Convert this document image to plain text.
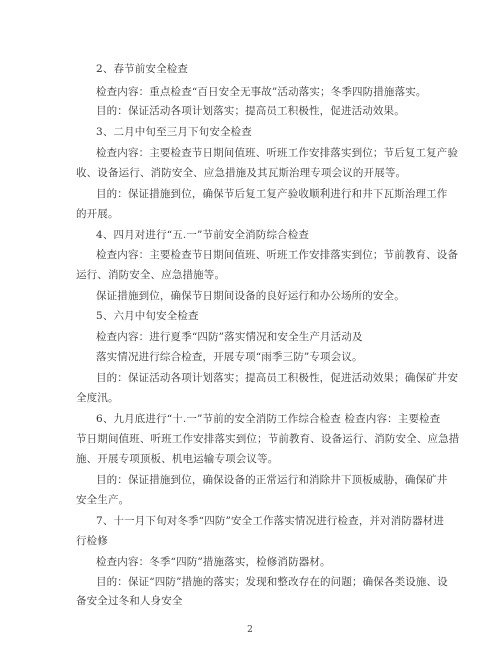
2、春节前安全检查

检查内容：重点检查“百日安全无事故”活动落实；冬季四防措施落实。

目的：保证活动各项计划落实；提高员工积极性，促进活动效果。

3、二月中旬至三月下旬安全检查

检查内容：主要检查节日期间值班、听班工作安排落实到位；节后复工复产验

收、设备运行、消防安全、应急措施及其瓦斯治理专项会议的开展等。

目的：保证措施到位，确保节后复工复产验收顺利进行和井下瓦斯治理工作

的开展。

4、四月对进行“五.一”节前安全消防综合检查

检查内容：主要检查节日期间值班、听班工作安排落实到位；节前教育、设备

运行、消防安全、应急措施等。

保证措施到位，确保节日期间设备的良好运行和办公场所的安全。

5、六月中旬安全检查

检查内容：进行夏季“四防”落实情况和安全生产月活动及

落实情况进行综合检查，开展专项“雨季三防”专项会议。

目的：保证活动各项计划落实；提高员工积极性，促进活动效果；确保矿井安

全度汛。

6、九月底进行“十.一”节前的安全消防工作综合检查 检查内容：主要检查

节日期间值班、听班工作安排落实到位；节前教育、设备运行、消防安全、应急措

施、开展专项顶板、机电运输专项会议等。

目的：保证措施到位，确保设备的正常运行和消除井下顶板威胁，确保矿井

安全生产。

7、十一月下旬对冬季“四防”安全工作落实情况进行检查，并对消防器材进

行检修

检查内容：冬季“四防”措施落实，检修消防器材。

目的：保证“四防”措施的落实；发现和整改存在的问题；确保各类设施、设

备安全过冬和人身安全

2
